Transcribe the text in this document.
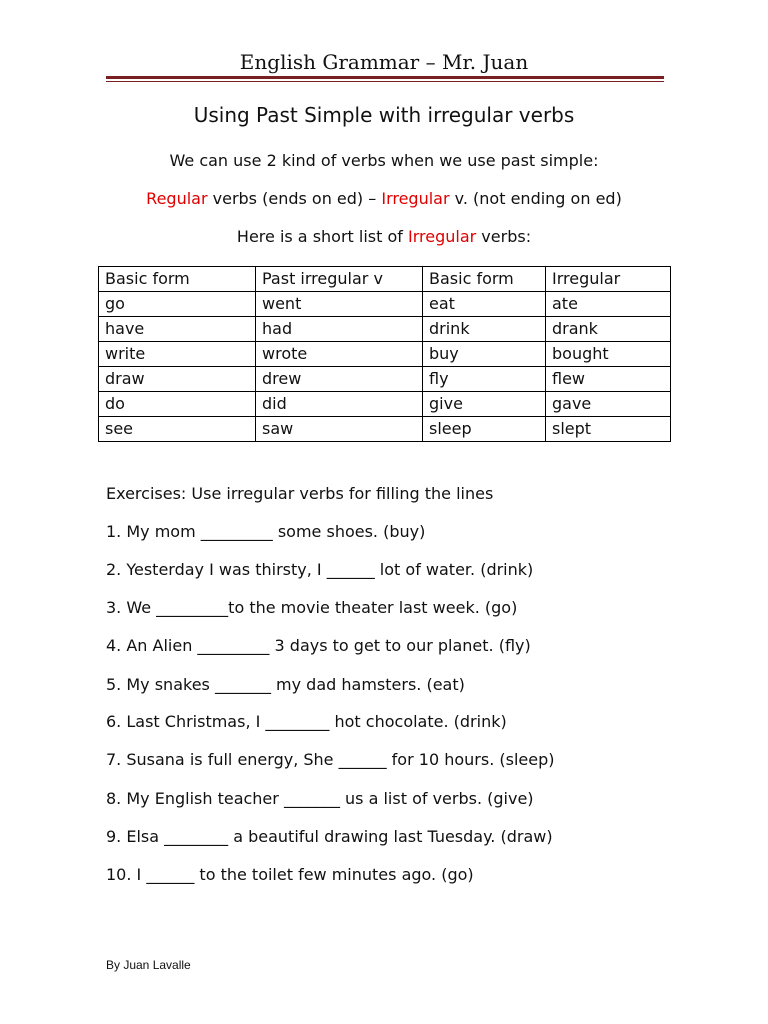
English Grammar – Mr. Juan
Using Past Simple with irregular verbs
We can use 2 kind of verbs when we use past simple:
Regular verbs (ends on ed) – Irregular v. (not ending on ed)
Here is a short list of Irregular verbs:
Basic form	Past irregular v	Basic form	Irregular
go	went	eat	ate
have	had	drink	drank
write	wrote	buy	bought
draw	drew	fly	flew
do	did	give	gave
see	saw	sleep	slept
Exercises: Use irregular verbs for filling the lines
1. My mom _________ some shoes. (buy)
2. Yesterday I was thirsty, I ______ lot of water. (drink)
3. We _________to the movie theater last week. (go)
4. An Alien _________ 3 days to get to our planet. (fly)
5. My snakes _______ my dad hamsters. (eat)
6. Last Christmas, I ________ hot chocolate. (drink)
7. Susana is full energy, She ______ for 10 hours. (sleep)
8. My English teacher _______ us a list of verbs. (give)
9. Elsa ________ a beautiful drawing last Tuesday. (draw)
10. I ______ to the toilet few minutes ago. (go)
By Juan Lavalle
